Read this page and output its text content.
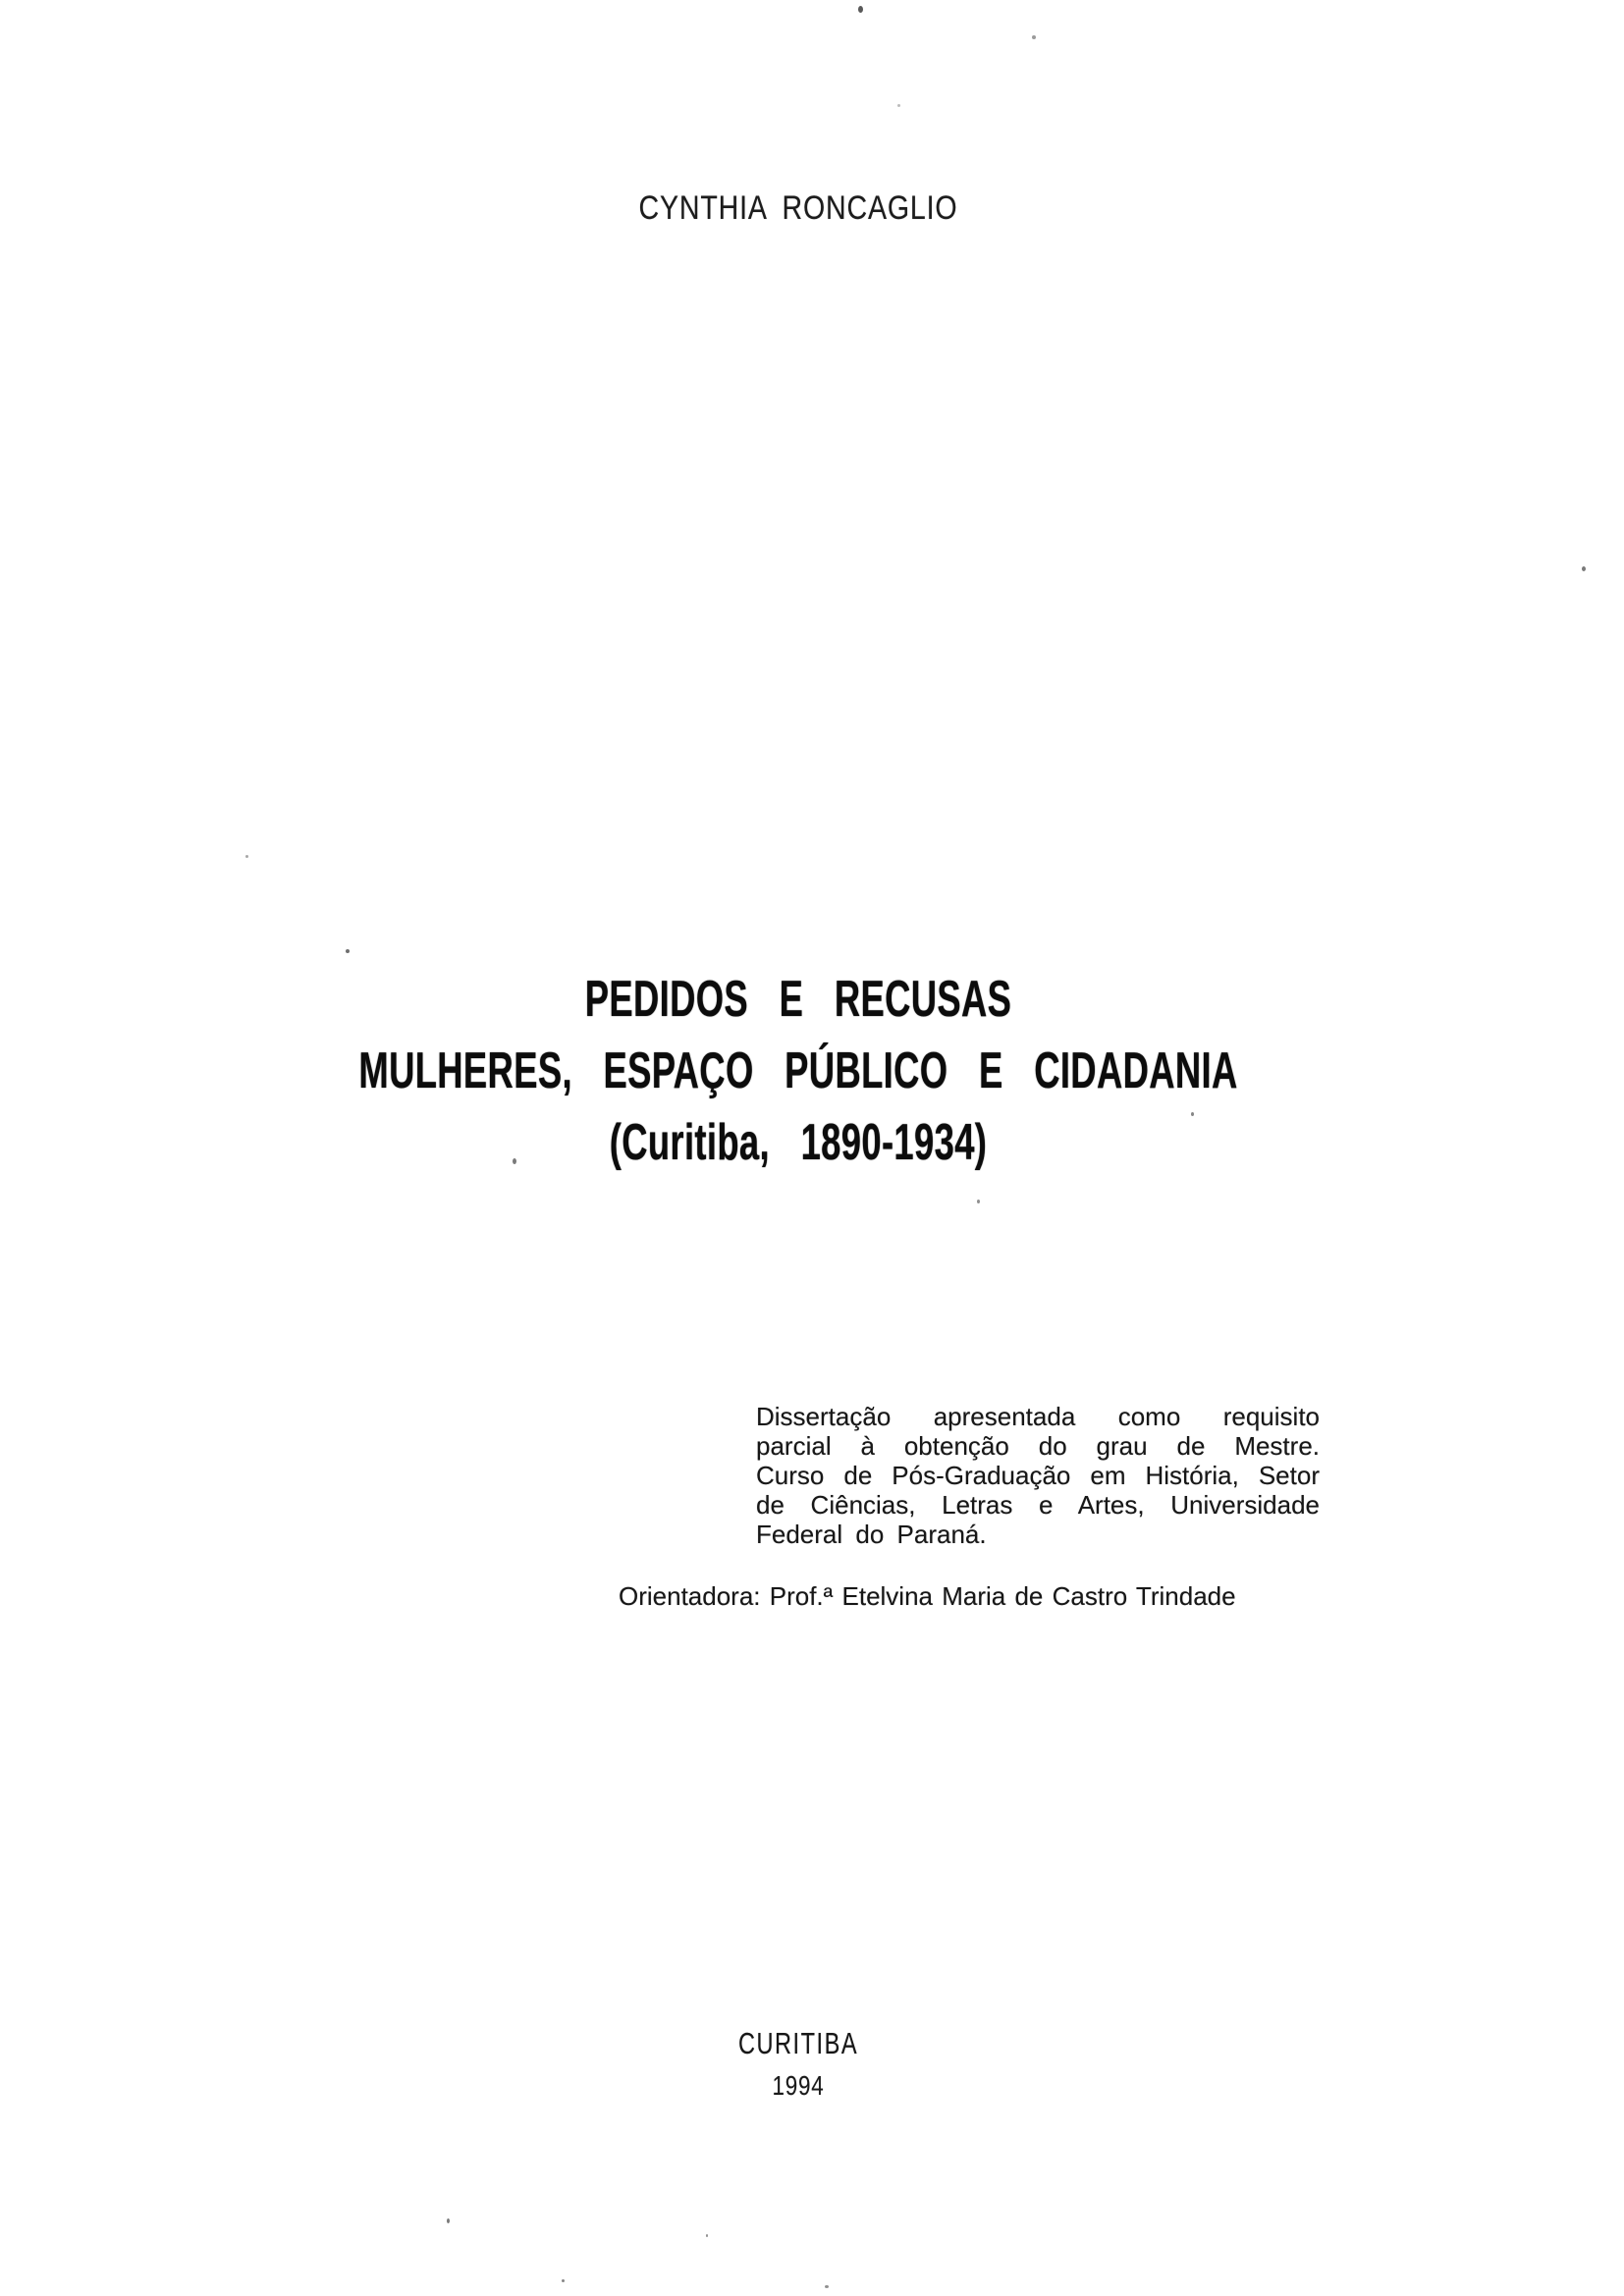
CYNTHIA RONCAGLIO
PEDIDOS E RECUSAS
MULHERES, ESPAÇO PÚBLICO E CIDADANIA
(Curitiba, 1890-1934)
Dissertação apresentada como requisito
parcial à obtenção do grau de Mestre.
Curso de Pós-Graduação em História, Setor
de Ciências, Letras e Artes, Universidade
Federal do Paraná.
Orientadora: Prof.ª Etelvina Maria de Castro Trindade
CURITIBA
1994
